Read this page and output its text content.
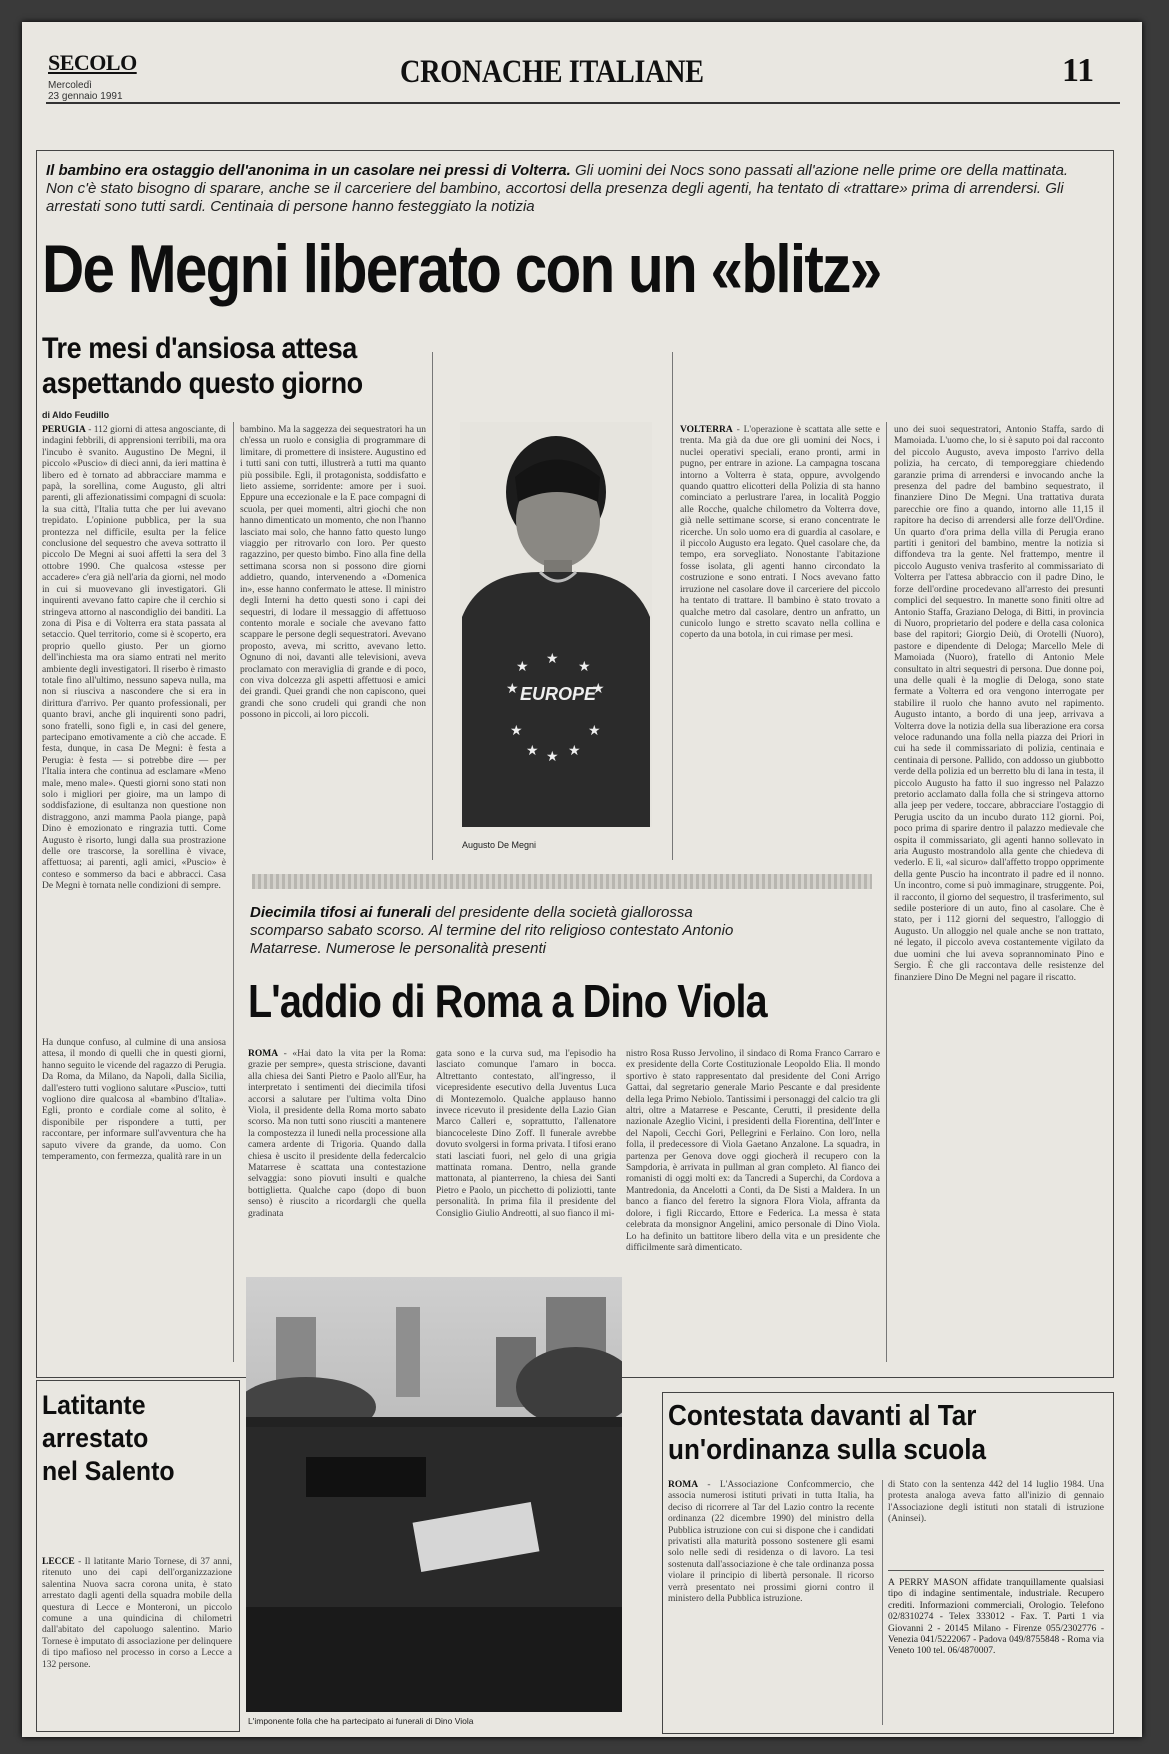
SECOLO
Mercoledì
23 gennaio 1991
CRONACHE ITALIANE	11
Il bambino era ostaggio dell'anonima in un casolare nei pressi di Volterra. Gli uomini dei Nocs sono passati all'azione nelle prime ore della mattinata. Non c'è stato bisogno di sparare, anche se il carceriere del bambino, accortosi della presenza degli agenti, ha tentato di «trattare» prima di arrendersi. Gli arrestati sono tutti sardi. Centinaia di persone hanno festeggiato la notizia
De Megni liberato con un «blitz»
Tre mesi d'ansiosa attesa
aspettando questo giorno
di Aldo Feudillo
PERUGIA - 112 giorni di attesa angosciante, di indagini febbrili, di apprensioni terribili, ma ora l'incubo è svanito. Augustino De Megni, il piccolo «Puscio» di dieci anni, da ieri mattina è libero ed è tornato ad abbracciare mamma e papà, la sorellina, come Augusto, gli altri parenti, gli affezionatissimi compagni di scuola: la sua città, l'Italia tutta che per lui avevano trepidato. L'opinione pubblica, per la sua prontezza nel difficile, esulta per la felice conclusione del sequestro che aveva sottratto il piccolo De Megni ai suoi affetti la sera del 3 ottobre 1990. Che qualcosa «stesse per accadere» c'era già nell'aria da giorni, nel modo in cui si muovevano gli investigatori. Gli inquirenti avevano fatto capire che il cerchio si stringeva attorno al nascondiglio dei banditi. La zona di Pisa e di Volterra era stata passata al setaccio. Quel territorio, come si è scoperto, era proprio quello giusto. Per un giorno dell'inchiesta ma ora siamo entrati nel merito ambiente degli investigatori. Il riserbo è rimasto totale fino all'ultimo, nessuno sapeva nulla, ma non si riusciva a nascondere che si era in dirittura d'arrivo. Per quanto professionali, per quanto bravi, anche gli inquirenti sono padri, sono fratelli, sono figli e, in casi del genere, partecipano emotivamente a ciò che accade. E festa, dunque, in casa De Megni: è festa a Perugia: è festa — si potrebbe dire — per l'Italia intera che continua ad esclamare «Meno male, meno male». Questi giorni sono stati non solo i migliori per gioire, ma un lampo di soddisfazione, di esultanza non questione non distraggono, anzi mamma Paola piange, papà Dino è emozionato e ringrazia tutti. Come Augusto è risorto, lungi dalla sua prostrazione delle ore trascorse, la sorellina è vivace, affettuosa; ai parenti, agli amici, «Puscio» è conteso e sommerso da baci e abbracci. Casa De Megni è tornata nelle condizioni di sempre.
Ha dunque confuso, al culmine di una ansiosa attesa, il mondo di quelli che in questi giorni, hanno seguito le vicende del ragazzo di Perugia. Da Roma, da Milano, da Napoli, dalla Sicilia, dall'estero tutti vogliono salutare «Puscio», tutti vogliono dire qualcosa al «bambino d'Italia». Egli, pronto e cordiale come al solito, è disponibile per rispondere a tutti, per raccontare, per informare sull'avventura che ha saputo vivere da grande, da uomo. Con temperamento, con fermezza, qualità rare in un
bambino. Ma la saggezza dei sequestratori ha un ch'essa un ruolo e consiglia di programmare di limitare, di promettere di insistere. Augustino ed i tutti sani con tutti, illustrerà a tutti ma quanto più possibile. Egli, il protagonista, soddisfatto e lieto assieme, sorridente: amore per i suoi. Eppure una eccezionale e la E pace compagni di scuola, per quei momenti, altri giochi che non hanno dimenticato un momento, che non l'hanno lasciato mai solo, che hanno fatto questo lungo viaggio per ritrovarlo con loro. Per questo ragazzino, per questo bimbo. Fino alla fine della settimana scorsa non si possono dire giorni addietro, quando, intervenendo a «Domenica in», esse hanno confermato le attese. Il ministro degli Interni ha detto questi sono i capi dei sequestri, di lodare il messaggio di affettuoso contento morale e sociale che avevano fatto scappare le persone degli sequestratori. Avevano proposto, aveva, mi scritto, avevano letto. Ognuno di noi, davanti alle televisioni, aveva proclamato con meraviglia di grande e di poco, con viva dolcezza gli aspetti affettuosi e amici dei grandi. Quei grandi che non capiscono, quei grandi che sono crudeli qui grandi che non possono in piccoli, ai loro piccoli.
EUROPE
★
★	★
★	★
★	★
★ ★
★
Augusto De Megni
VOLTERRA - L'operazione è scattata alle sette e trenta. Ma già da due ore gli uomini dei Nocs, i nuclei operativi speciali, erano pronti, armi in pugno, per entrare in azione. La campagna toscana intorno a Volterra è stata, oppure, avvolgendo quando quattro elicotteri della Polizia di sta hanno cominciato a perlustrare l'area, in località Poggio alle Rocche, qualche chilometro da Volterra dove, già nelle settimane scorse, si erano concentrate le ricerche. Un solo uomo era di guardia al casolare, e il piccolo Augusto era legato. Quel casolare che, da tempo, era sorvegliato. Nonostante l'abitazione fosse isolata, gli agenti hanno circondato la costruzione e sono entrati. I Nocs avevano fatto irruzione nel casolare dove il carceriere del piccolo ha tentato di trattare. Il bambino è stato trovato a qualche metro dal casolare, dentro un anfratto, un cunicolo lungo e stretto scavato nella collina e coperto da una botola, in cui rimase per mesi.
uno dei suoi sequestratori, Antonio Staffa, sardo di Mamoiada. L'uomo che, lo si è saputo poi dal racconto del piccolo Augusto, aveva imposto l'arrivo della polizia, ha cercato, di temporeggiare chiedendo garanzie prima di arrendersi e invocando anche la presenza del padre del bambino sequestrato, il finanziere Dino De Megni. Una trattativa durata parecchie ore fino a quando, intorno alle 11,15 il rapitore ha deciso di arrendersi alle forze dell'Ordine. Un quarto d'ora prima della villa di Perugia erano partiti i genitori del bambino, mentre la notizia si diffondeva tra la gente. Nel frattempo, mentre il piccolo Augusto veniva trasferito al commissariato di Volterra per l'attesa abbraccio con il padre Dino, le forze dell'ordine procedevano all'arresto dei presunti complici del sequestro. In manette sono finiti oltre ad Antonio Staffa, Graziano Deloga, di Bitti, in provincia di Nuoro, proprietario del podere e della casa colonica base del rapitori; Giorgio Deiù, di Orotelli (Nuoro), pastore e dipendente di Deloga; Marcello Mele di Mamoiada (Nuoro), fratello di Antonio Mele consultato in altri sequestri di persona. Due donne poi, una delle quali è la moglie di Deloga, sono state fermate a Volterra ed ora vengono interrogate per stabilire il ruolo che hanno avuto nel rapimento. Augusto intanto, a bordo di una jeep, arrivava a Volterra dove la notizia della sua liberazione era corsa veloce radunando una folla nella piazza dei Priori in cui ha sede il commissariato di polizia, centinaia e centinaia di persone. Pallido, con addosso un giubbotto verde della polizia ed un berretto blu di lana in testa, il piccolo Augusto ha fatto il suo ingresso nel Palazzo pretorio acclamato dalla folla che si stringeva attorno alla jeep per vedere, toccare, abbracciare l'ostaggio di Perugia uscito da un incubo durato 112 giorni. Poi, poco prima di sparire dentro il palazzo medievale che ospita il commissariato, gli agenti hanno sollevato in aria Augusto mostrandolo alla gente che chiedeva di vederlo. E lì, «al sicuro» dall'affetto troppo opprimente della gente Puscio ha incontrato il padre ed il nonno. Un incontro, come si può immaginare, struggente. Poi, il racconto, il giorno del sequestro, il trasferimento, sul sedile posteriore di un auto, fino al casolare. Che è stato, per i 112 giorni del sequestro, l'alloggio di Augusto. Un alloggio nel quale anche se non trattato, né legato, il piccolo aveva costantemente vigilato da due uomini che lui aveva soprannominato Pino e Sergio. È che gli raccontava delle resistenze del finanziere Dino De Megni nel pagare il riscatto.
Diecimila tifosi ai funerali del presidente della società giallorossa scomparso sabato scorso. Al termine del rito religioso contestato Antonio Matarrese. Numerose le personalità presenti
L'addio di Roma a Dino Viola
ROMA - «Hai dato la vita per la Roma: grazie per sempre», questa striscione, davanti alla chiesa dei Santi Pietro e Paolo all'Eur, ha interpretato i sentimenti dei diecimila tifosi accorsi a salutare per l'ultima volta Dino Viola, il presidente della Roma morto sabato scorso. Ma non tutti sono riusciti a mantenere la compostezza il lunedì nella processione alla camera ardente di Trigoria. Quando dalla chiesa è uscito il presidente della federcalcio Matarrese è scattata una contestazione selvaggia: sono piovuti insulti e qualche bottiglietta. Qualche capo (dopo di buon senso) è riuscito a ricordargli che quella gradinata
gata sono e la curva sud, ma l'episodio ha lasciato comunque l'amaro in bocca. Altrettanto contestato, all'ingresso, il vicepresidente esecutivo della Juventus Luca di Montezemolo. Qualche applauso hanno invece ricevuto il presidente della Lazio Gian Marco Calleri e, soprattutto, l'allenatore biancoceleste Dino Zoff. Il funerale avrebbe dovuto svolgersi in forma privata. I tifosi erano stati lasciati fuori, nel gelo di una grigia mattinata romana. Dentro, nella grande mattonata, al pianterreno, la chiesa dei Santi Pietro e Paolo, un picchetto di poliziotti, tante personalità. In prima fila il presidente del Consiglio Giulio Andreotti, al suo fianco il mi-
nistro Rosa Russo Jervolino, il sindaco di Roma Franco Carraro e ex presidente della Corte Costituzionale Leopoldo Elia. Il mondo sportivo è stato rappresentato dal presidente del Coni Arrigo Gattai, dal segretario generale Mario Pescante e dal presidente della lega Primo Nebiolo. Tantissimi i personaggi del calcio tra gli altri, oltre a Matarrese e Pescante, Cerutti, il presidente della nazionale Azeglio Vicini, i presidenti della Fiorentina, dell'Inter e del Napoli, Cecchi Gori, Pellegrini e Ferlaino. Con loro, nella folla, il predecessore di Viola Gaetano Anzalone. La squadra, in partenza per Genova dove oggi giocherà il recupero con la Sampdoria, è arrivata in pullman al gran completo. Al fianco dei romanisti di oggi molti ex: da Tancredi a Superchi, da Cordova a Mantredonia, da Ancelotti a Conti, da De Sisti a Maldera. In un banco a fianco del feretro la signora Flora Viola, affranta da dolore, i figli Riccardo, Ettore e Federica. La messa è stata celebrata da monsignor Angelini, amico personale di Dino Viola. Lo ha definito un battitore libero della vita e un presidente che difficilmente sarà dimenticato.
L'imponente folla che ha partecipato ai funerali di Dino Viola
Latitante
arrestato
nel Salento
LECCE - Il latitante Mario Tornese, di 37 anni, ritenuto uno dei capi dell'organizzazione salentina Nuova sacra corona unita, è stato arrestato dagli agenti della squadra mobile della questura di Lecce e Monteroni, un piccolo comune a una quindicina di chilometri dall'abitato del capoluogo salentino. Mario Tornese è imputato di associazione per delinquere di tipo mafioso nel processo in corso a Lecce a 132 persone.
Contestata davanti al Tar
un'ordinanza sulla scuola
ROMA - L'Associazione Confcommercio, che associa numerosi istituti privati in tutta Italia, ha deciso di ricorrere al Tar del Lazio contro la recente ordinanza (22 dicembre 1990) del ministro della Pubblica istruzione con cui si dispone che i candidati privatisti alla maturità possono sostenere gli esami solo nelle sedi di residenza o di lavoro. La tesi sostenuta dall'associazione è che tale ordinanza possa violare il principio di libertà personale. Il ricorso verrà presentato nei prossimi giorni contro il ministero della Pubblica istruzione.
di Stato con la sentenza 442 del 14 luglio 1984. Una protesta analoga aveva fatto all'inizio di gennaio l'Associazione degli istituti non statali di istruzione (Aninsei).
A PERRY MASON affidate tranquillamente qualsiasi tipo di indagine sentimentale, industriale. Recupero crediti. Informazioni commerciali, Orologio. Telefono 02/8310274 - Telex 333012 - Fax. T. Parti 1 via Giovanni 2 - 20145 Milano - Firenze 055/2302776 - Venezia 041/5222067 - Padova 049/8755848 - Roma via Veneto 100 tel. 06/4870007.
